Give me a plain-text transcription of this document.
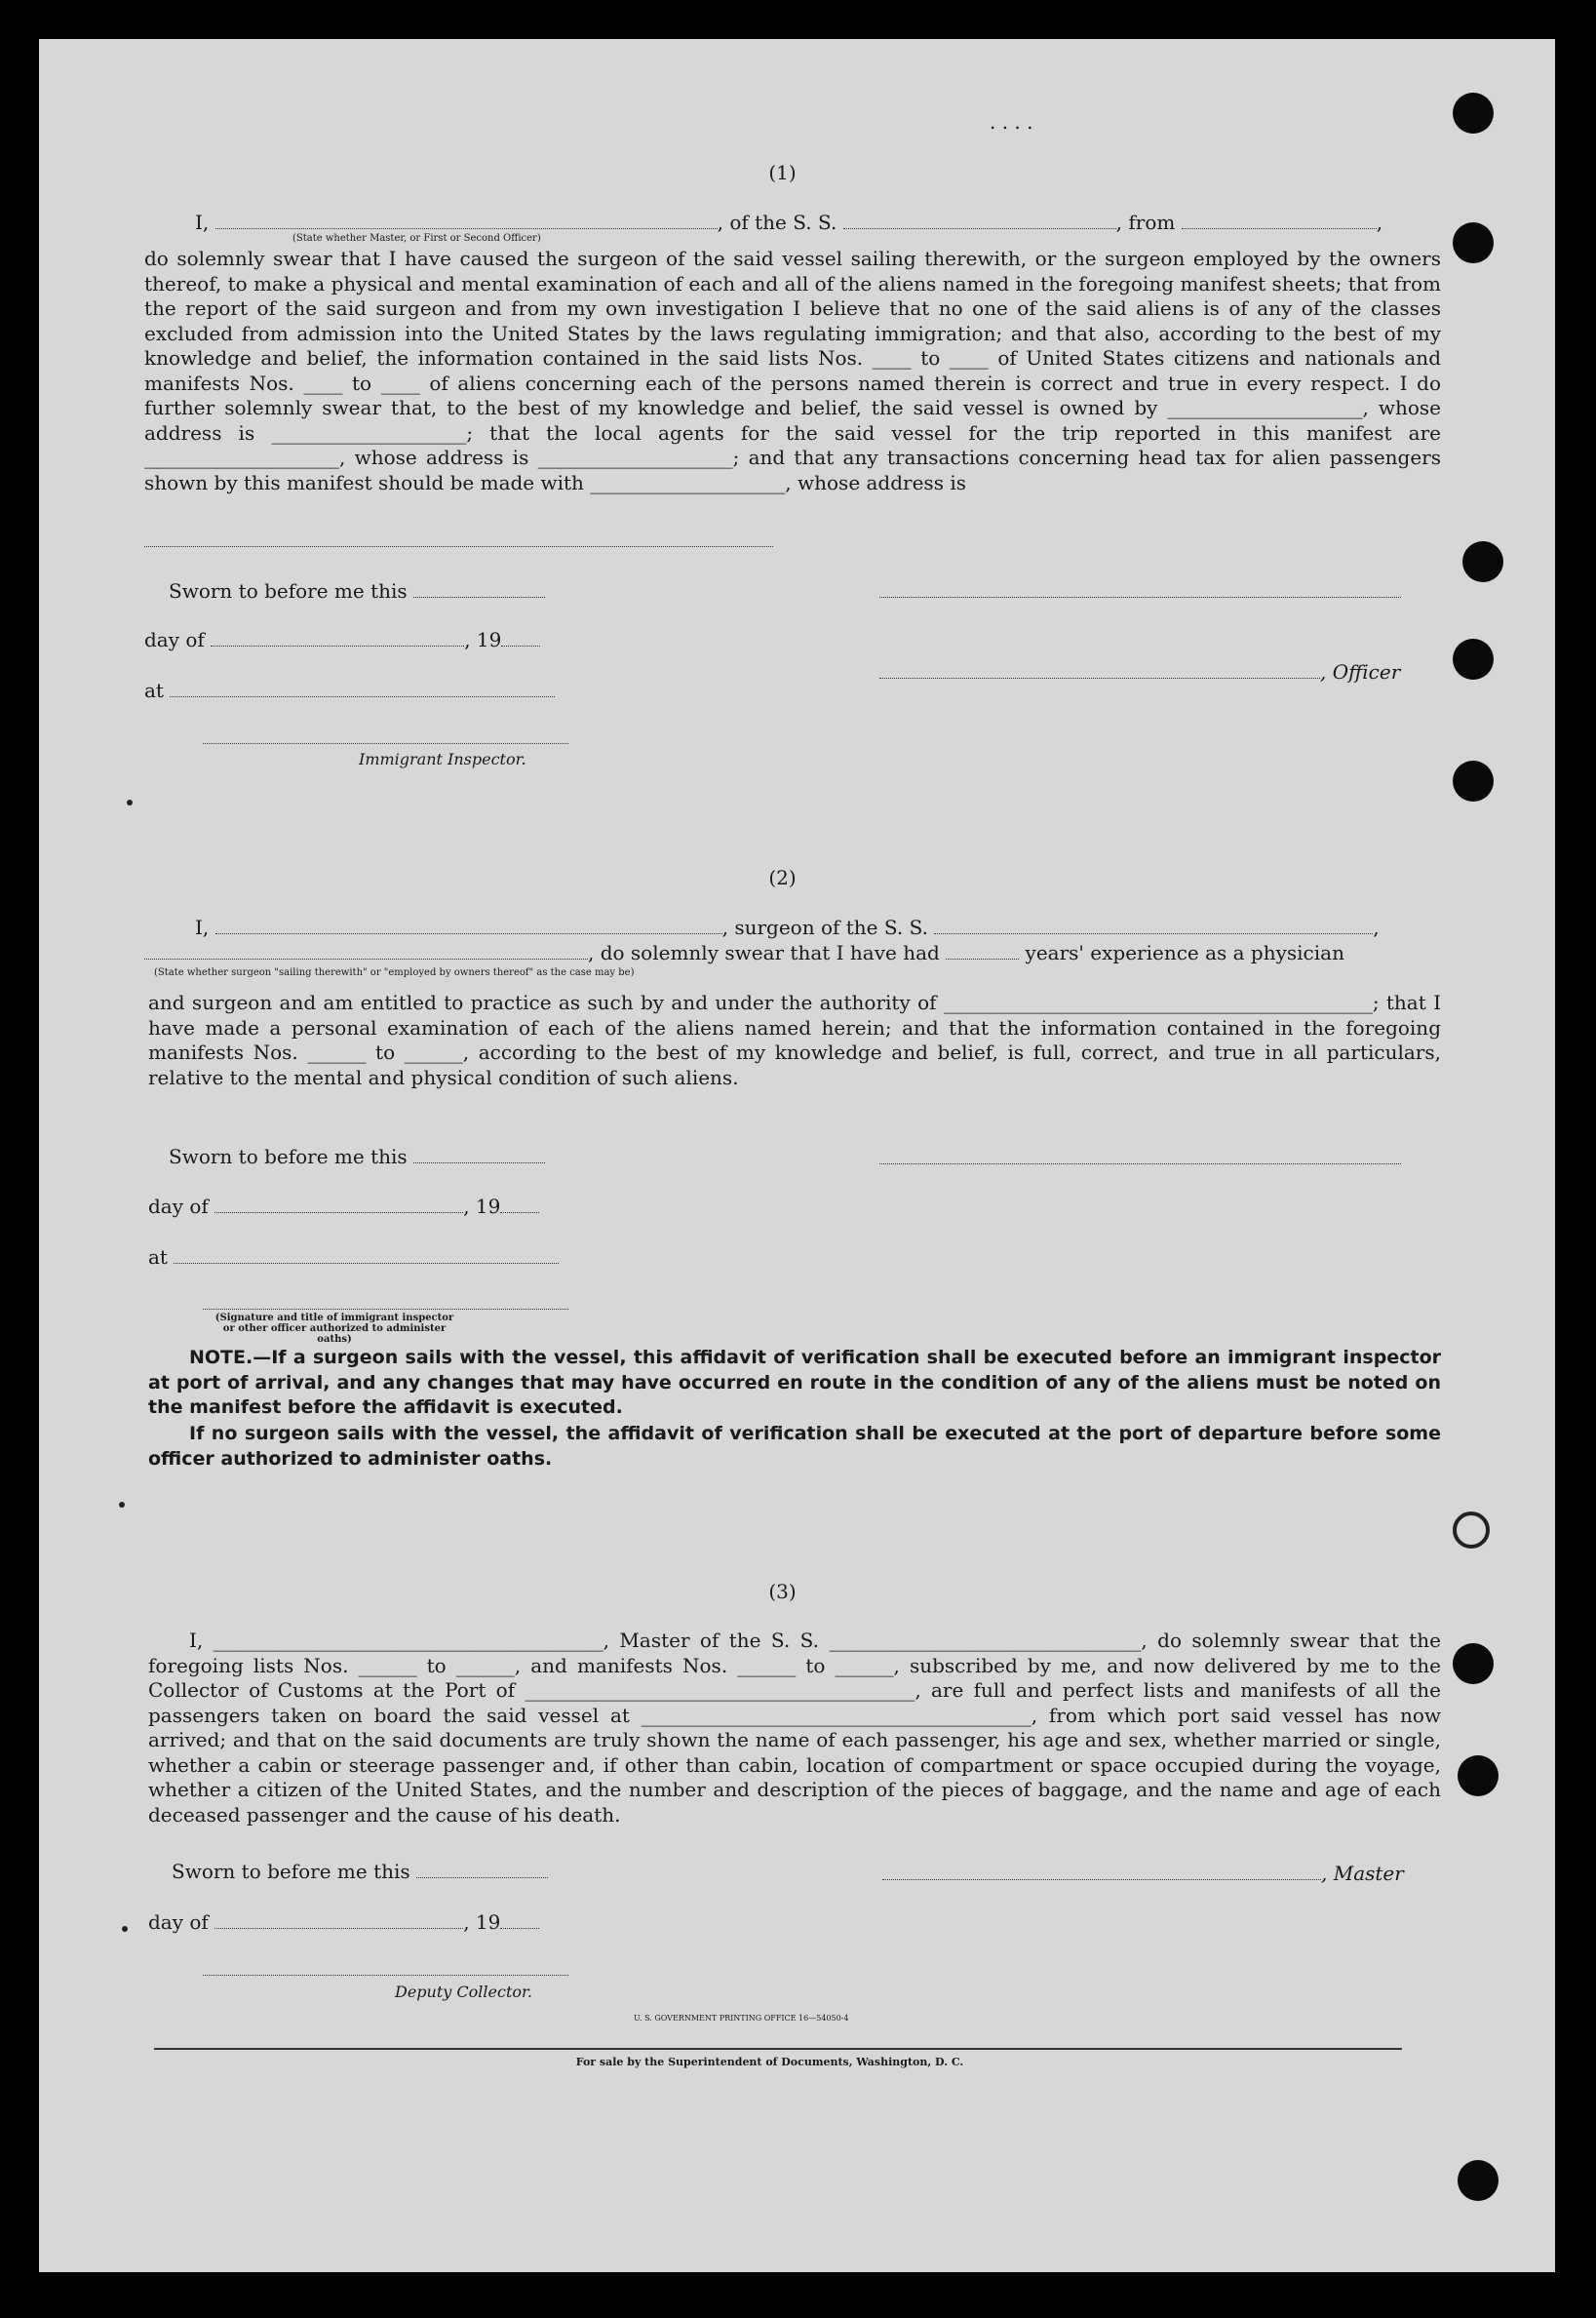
. . . .
(1)
I,	, of the S. S.	, from	,
(State whether Master, or First or Second Officer)
do solemnly swear that I have caused the surgeon of the said vessel sailing therewith, or the surgeon employed by the owners thereof, to make a physical and mental examination of each and all of the aliens named in the foregoing manifest sheets; that from the report of the said surgeon and from my own investigation I believe that no one of the said aliens is of any of the classes excluded from admission into the United States by the laws regulating immigration; and that also, according to the best of my knowledge and belief, the information contained in the said lists Nos. ____ to ____ of United States citizens and nationals and manifests Nos. ____ to ____ of aliens concerning each of the persons named therein is correct and true in every respect. I do further solemnly swear that, to the best of my knowledge and belief, the said vessel is owned by ____________________, whose address is ____________________; that the local agents for the said vessel for the trip reported in this manifest are ____________________, whose address is ____________________; and that any transactions concerning head tax for alien passengers shown by this manifest should be made with ____________________, whose address is
Sworn to before me this
day of	, 19
, Officer
at
Immigrant Inspector.
(2)
I,	, surgeon of the S. S.	,
, do solemnly swear that I have had	years' experience as a physician
(State whether surgeon "sailing therewith" or "employed by owners thereof" as the case may be)
and surgeon and am entitled to practice as such by and under the authority of ____________________________________________; that I have made a personal examination of each of the aliens named herein; and that the information contained in the foregoing manifests Nos. ______ to ______, according to the best of my knowledge and belief, is full, correct, and true in all particulars, relative to the mental and physical condition of such aliens.
Sworn to before me this
day of	, 19
at
(Signature and title of immigrant inspector or other officer authorized to administer oaths)
NOTE.—If a surgeon sails with the vessel, this affidavit of verification shall be executed before an immigrant inspector at port of arrival, and any changes that may have occurred en route in the condition of any of the aliens must be noted on the manifest before the affidavit is executed.
If no surgeon sails with the vessel, the affidavit of verification shall be executed at the port of departure before some officer authorized to administer oaths.
(3)
I, ________________________________________, Master of the S. S. ________________________________, do solemnly swear that the foregoing lists Nos. ______ to ______, and manifests Nos. ______ to ______, subscribed by me, and now delivered by me to the Collector of Customs at the Port of ________________________________________, are full and perfect lists and manifests of all the passengers taken on board the said vessel at ________________________________________, from which port said vessel has now arrived; and that on the said documents are truly shown the name of each passenger, his age and sex, whether married or single, whether a cabin or steerage passenger and, if other than cabin, location of compartment or space occupied during the voyage, whether a citizen of the United States, and the number and description of the pieces of baggage, and the name and age of each deceased passenger and the cause of his death.
Sworn to before me this	, Master
day of	, 19
Deputy Collector.
U. S. GOVERNMENT PRINTING OFFICE 16—54050-4
For sale by the Superintendent of Documents, Washington, D. C.
